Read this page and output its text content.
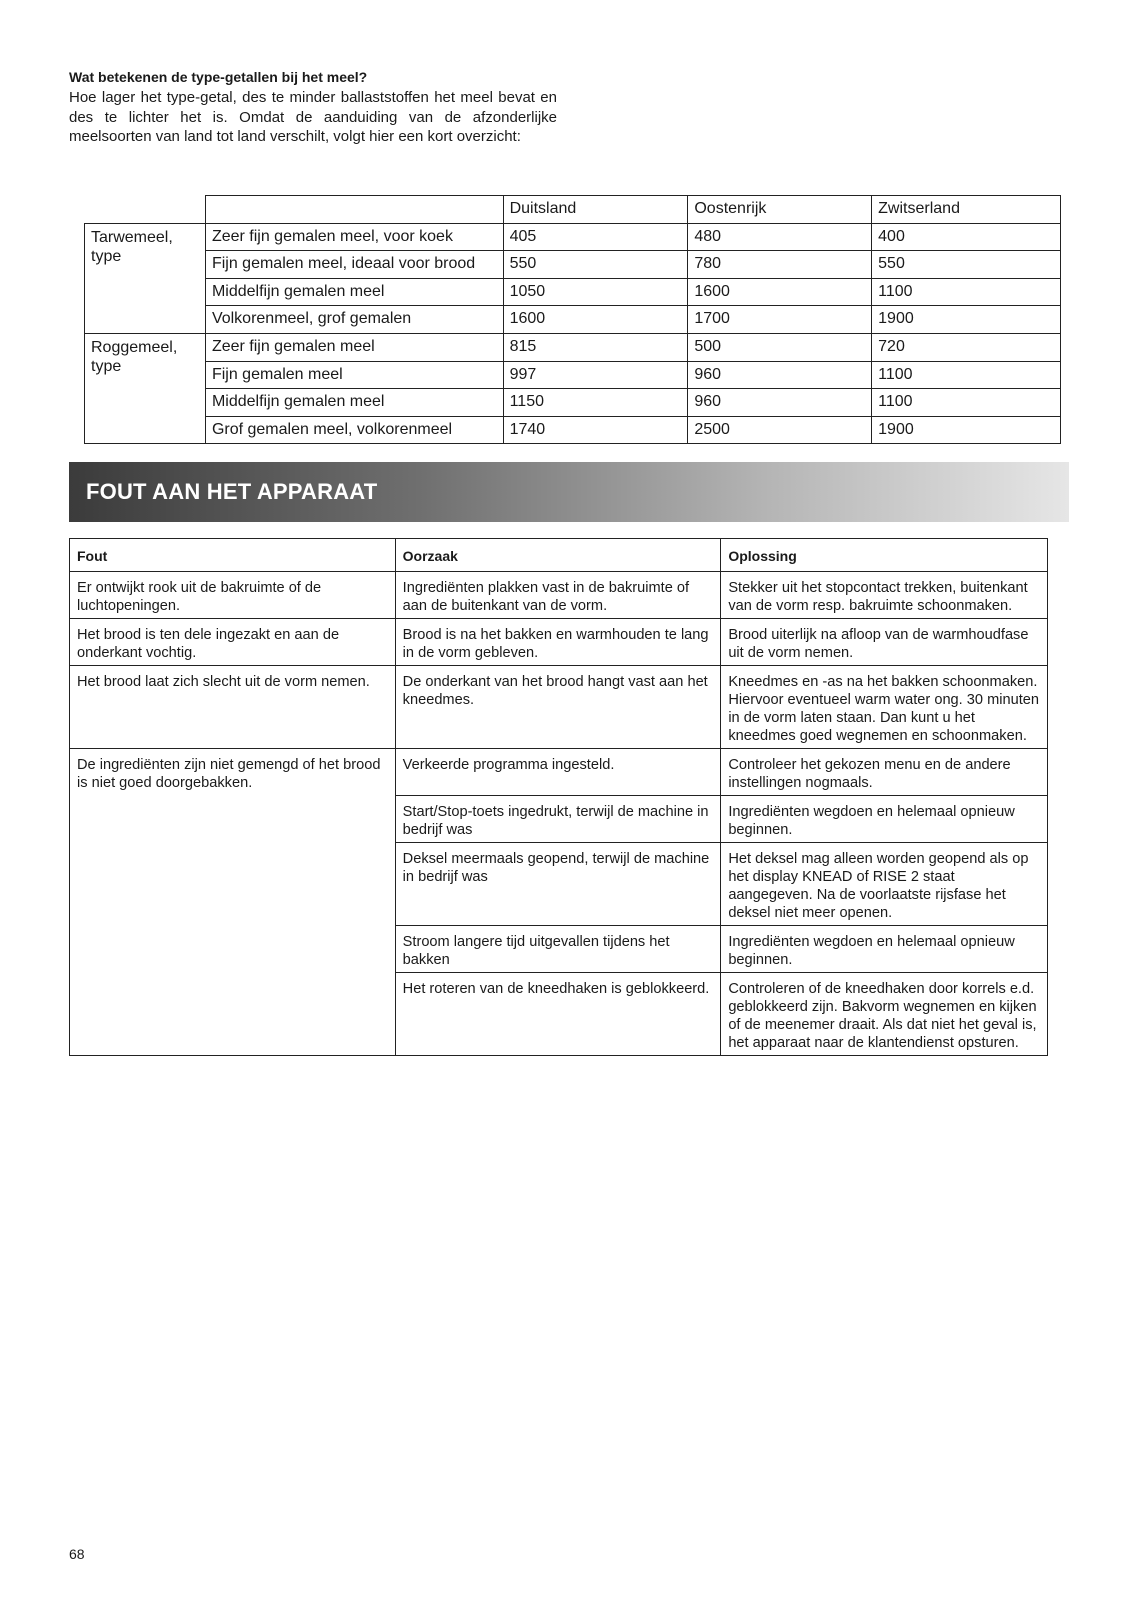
Wat betekenen de type-getallen bij het meel?

Hoe lager het type-getal, des te minder ballaststoffen het meel bevat en des te lichter het is. Omdat de aanduiding van de afzonderlijke meelsoorten van land tot land verschilt, volgt hier een kort overzicht:

		Duitsland	Oostenrijk	Zwitserland
Tarwemeel,
type	Zeer fijn gemalen meel, voor koek	405	480	400
	Fijn gemalen meel, ideaal voor brood	550	780	550
	Middelfijn gemalen meel	1050	1600	1100
	Volkorenmeel, grof gemalen	1600	1700	1900
Roggemeel,
type	Zeer fijn gemalen meel	815	500	720
	Fijn gemalen meel	997	960	1100
	Middelfijn gemalen meel	1150	960	1100
	Grof gemalen meel, volkorenmeel	1740	2500	1900
FOUT AAN HET APPARAAT
Fout	Oorzaak	Oplossing
Er ontwijkt rook uit de bakruimte of de luchtopeningen.	Ingrediënten plakken vast in de bakruimte of aan de buitenkant van de vorm.	Stekker uit het stopcontact trekken, buitenkant van de vorm resp. bakruimte schoonmaken.
Het brood is ten dele ingezakt en aan de onderkant vochtig.	Brood is na het bakken en warmhouden te lang in de vorm gebleven.	Brood uiterlijk na afloop van de warmhoudfase uit de vorm nemen.
Het brood laat zich slecht uit de vorm nemen.	De onderkant van het brood hangt vast aan het kneedmes.	Kneedmes en -as na het bakken schoonmaken. Hiervoor eventueel warm water ong. 30 minuten in de vorm laten staan. Dan kunt u het kneedmes goed wegnemen en schoonmaken.
De ingrediënten zijn niet gemengd of het brood is niet goed doorgebakken.	Verkeerde programma ingesteld.	Controleer het gekozen menu en de andere instellingen nogmaals.
	Start/Stop-toets ingedrukt, terwijl de machine in bedrijf was	Ingrediënten wegdoen en helemaal opnieuw beginnen.
	Deksel meermaals geopend, terwijl de machine in bedrijf was	Het deksel mag alleen worden geopend als op het display KNEAD of RISE 2 staat aangegeven. Na de voorlaatste rijsfase het deksel niet meer openen.
	Stroom langere tijd uitgevallen tijdens het bakken	Ingrediënten wegdoen en helemaal opnieuw beginnen.
	Het roteren van de kneedhaken is geblokkeerd.	Controleren of de kneedhaken door korrels e.d. geblokkeerd zijn. Bakvorm wegnemen en kijken of de meenemer draait. Als dat niet het geval is, het apparaat naar de klantendienst opsturen.

68
